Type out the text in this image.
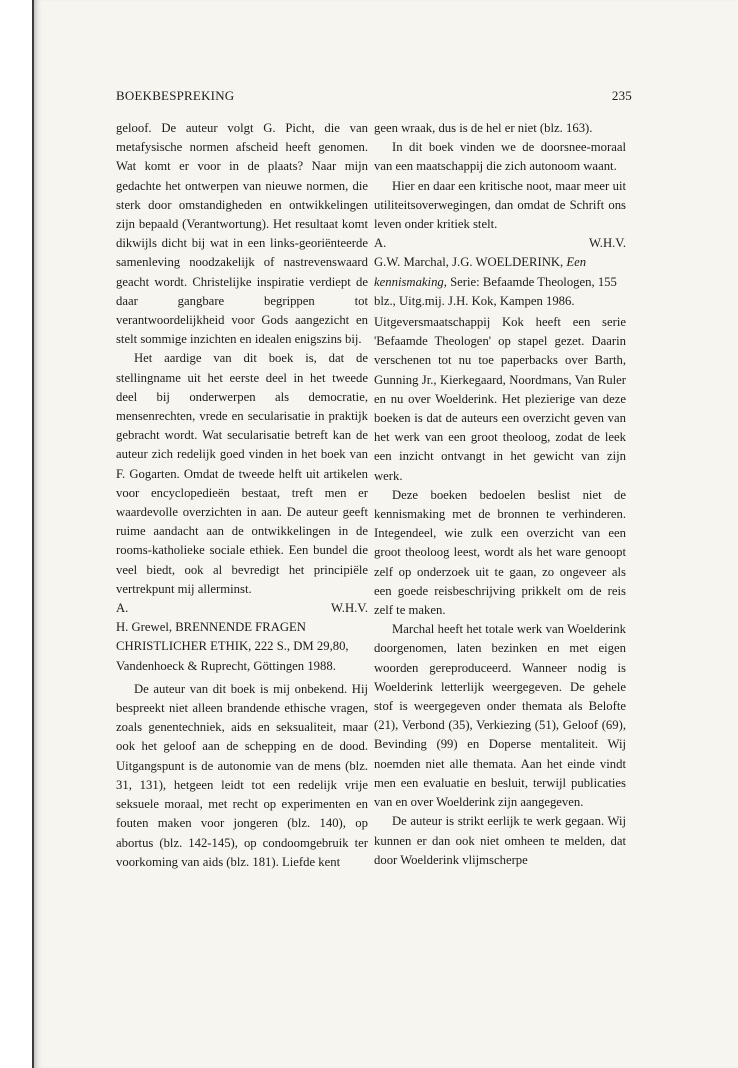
BOEKBESPREKING	235

geloof. De auteur volgt G. Picht, die van metafysische normen afscheid heeft genomen. Wat komt er voor in de plaats? Naar mijn gedachte het ontwerpen van nieuwe normen, die sterk door omstandigheden en ontwikkelingen zijn bepaald (Verantwortung). Het resultaat komt dikwijls dicht bij wat in een links-georiënteerde samenleving noodzakelijk of nastrevenswaard geacht wordt. Christelijke inspiratie verdiept de daar gangbare begrippen tot verantwoordelijkheid voor Gods aangezicht en stelt sommige inzichten en idealen enigszins bij.

Het aardige van dit boek is, dat de stellingname uit het eerste deel in het tweede deel bij onderwerpen als democratie, mensenrechten, vrede en secularisatie in praktijk gebracht wordt. Wat secularisatie betreft kan de auteur zich redelijk goed vinden in het boek van F. Gogarten. Omdat de tweede helft uit artikelen voor encyclopedieën bestaat, treft men er waardevolle overzichten in aan. De auteur geeft ruime aandacht aan de ontwikkelingen in de rooms-katholieke sociale ethiek. Een bundel die veel biedt, ook al bevredigt het principiële vertrekpunt mij allerminst.

A.	W.H.V.

H. Grewel, BRENNENDE FRAGEN CHRISTLICHER ETHIK, 222 S., DM 29,80, Vandenhoeck & Ruprecht, Göttingen 1988.

De auteur van dit boek is mij onbekend. Hij bespreekt niet alleen brandende ethische vragen, zoals genentechniek, aids en seksualiteit, maar ook het geloof aan de schepping en de dood. Uitgangspunt is de autonomie van de mens (blz. 31, 131), hetgeen leidt tot een redelijk vrije seksuele moraal, met recht op experimenten en fouten maken voor jongeren (blz. 140), op abortus (blz. 142-145), op condoomgebruik ter voorkoming van aids (blz. 181). Liefde kent

geen wraak, dus is de hel er niet (blz. 163).

In dit boek vinden we de doorsnee-moraal van een maatschappij die zich autonoom waant.

Hier en daar een kritische noot, maar meer uit utiliteitsoverwegingen, dan omdat de Schrift ons leven onder kritiek stelt.

A.	W.H.V.

G.W. Marchal, J.G. WOELDERINK, Een kennismaking, Serie: Befaamde Theologen, 155 blz., Uitg.mij. J.H. Kok, Kampen 1986.

Uitgeversmaatschappij Kok heeft een serie 'Befaamde Theologen' op stapel gezet. Daarin verschenen tot nu toe paperbacks over Barth, Gunning Jr., Kierkegaard, Noordmans, Van Ruler en nu over Woelderink. Het plezierige van deze boeken is dat de auteurs een overzicht geven van het werk van een groot theoloog, zodat de leek een inzicht ontvangt in het gewicht van zijn werk.

Deze boeken bedoelen beslist niet de kennismaking met de bronnen te verhinderen. Integendeel, wie zulk een overzicht van een groot theoloog leest, wordt als het ware genoopt zelf op onderzoek uit te gaan, zo ongeveer als een goede reisbeschrijving prikkelt om de reis zelf te maken.

Marchal heeft het totale werk van Woelderink doorgenomen, laten bezinken en met eigen woorden gereproduceerd. Wanneer nodig is Woelderink letterlijk weergegeven. De gehele stof is weergegeven onder themata als Belofte (21), Verbond (35), Verkiezing (51), Geloof (69), Bevinding (99) en Doperse mentaliteit. Wij noemden niet alle themata. Aan het einde vindt men een evaluatie en besluit, terwijl publicaties van en over Woelderink zijn aangegeven.

De auteur is strikt eerlijk te werk gegaan. Wij kunnen er dan ook niet omheen te melden, dat door Woelderink vlijmscherpe
